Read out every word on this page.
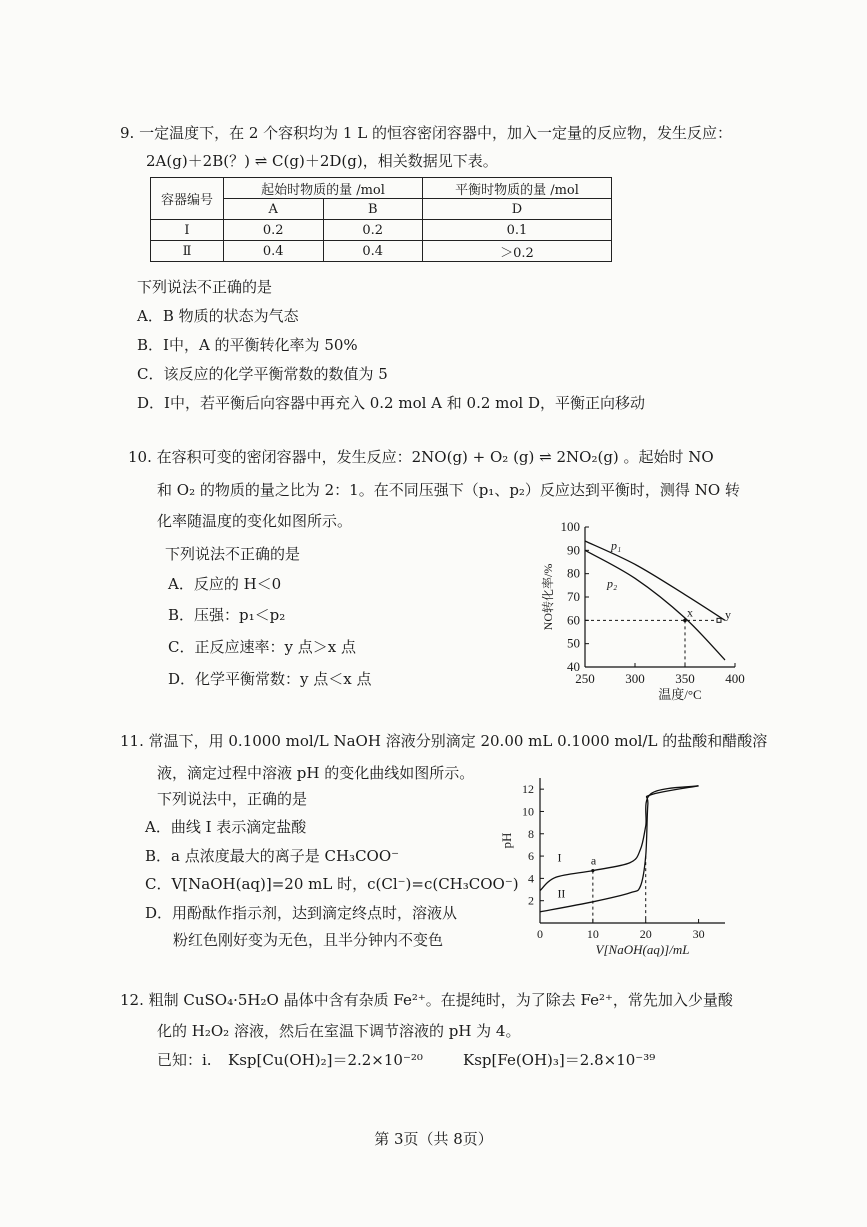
9. 一定温度下，在 2 个容积均为 1 L 的恒容密闭容器中，加入一定量的反应物，发生反应：
2A(g)＋2B(？) ⇌ C(g)＋2D(g)，相关数据见下表。
容器编号	起始时物质的量 /mol		平衡时物质的量 /mol
	A	B	D
Ⅰ	0.2	0.2	0.1
Ⅱ	0.4	0.4	＞0.2
下列说法不正确的是
A．B 物质的状态为气态
B．Ⅰ中，A 的平衡转化率为 50%
C．该反应的化学平衡常数的数值为 5
D．Ⅰ中，若平衡后向容器中再充入 0.2 mol A 和 0.2 mol D，平衡正向移动
10. 在容积可变的密闭容器中，发生反应：2NO(g) + O₂ (g) ⇌ 2NO₂(g) 。起始时 NO
和 O₂ 的物质的量之比为 2：1。在不同压强下（p₁、p₂）反应达到平衡时，测得 NO 转
化率随温度的变化如图所示。
下列说法不正确的是
A．反应的 H＜0
B．压强：p₁＜p₂
C．正反应速率：y 点＞x 点
D．化学平衡常数：y 点＜x 点
p₁
p₂
x	y
250 300 350 400
40
50
60
70
80
90
100
温度/°C
NO转化率/%
11. 常温下，用 0.1000 mol/L NaOH 溶液分别滴定 20.00 mL 0.1000 mol/L 的盐酸和醋酸溶
液，滴定过程中溶液 pH 的变化曲线如图所示。
下列说法中，正确的是
A．曲线 I 表示滴定盐酸
B．a 点浓度最大的离子是 CH₃COO⁻
C．V[NaOH(aq)]=20 mL 时，c(Cl⁻)=c(CH₃COO⁻)
D．用酚酞作指示剂，达到滴定终点时，溶液从
粉红色刚好变为无色，且半分钟内不变色
I
II
a
0	10	20	30
2
4
6
8
10
12
V[NaOH(aq)]/mL
pH
12. 粗制 CuSO₄·5H₂O 晶体中含有杂质 Fe²⁺。在提纯时，为了除去 Fe²⁺，常先加入少量酸
化的 H₂O₂ 溶液，然后在室温下调节溶液的 pH 为 4。
已知：i. Ksp[Cu(OH)₂]＝2.2×10⁻²⁰	Ksp[Fe(OH)₃]＝2.8×10⁻³⁹
第 3页（共 8页）
